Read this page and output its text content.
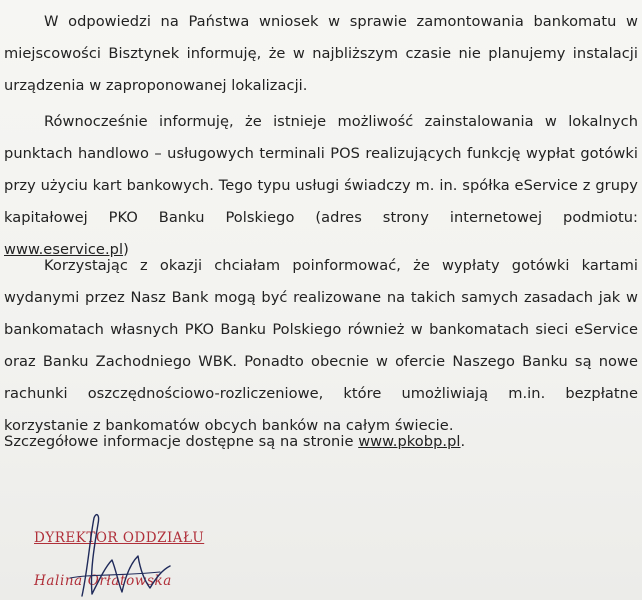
W odpowiedzi na Państwa wniosek w sprawie zamontowania bankomatu w miejscowości Bisztynek informuję, że w najbliższym czasie nie planujemy instalacji urządzenia w zaproponowanej lokalizacji.
Równocześnie informuję, że istnieje możliwość zainstalowania w lokalnych punktach handlowo – usługowych terminali POS realizujących funkcję wypłat gotówki przy użyciu kart bankowych. Tego typu usługi świadczy m. in. spółka eService z grupy kapitałowej PKO Banku Polskiego (adres strony internetowej podmiotu: www.eservice.pl)
Korzystając z okazji chciałam poinformować, że wypłaty gotówki kartami wydanymi przez Nasz Bank mogą być realizowane na takich samych zasadach jak w bankomatach własnych PKO Banku Polskiego również w bankomatach sieci eService oraz Banku Zachodniego WBK. Ponadto obecnie w ofercie Naszego Banku są nowe rachunki oszczędnościowo-rozliczeniowe, które umożliwiają m.in. bezpłatne korzystanie z bankomatów obcych banków na całym świecie.
Szczegółowe informacje dostępne są na stronie www.pkobp.pl.
DYREKTOR ODDZIAŁU
Halina Orłatowska
